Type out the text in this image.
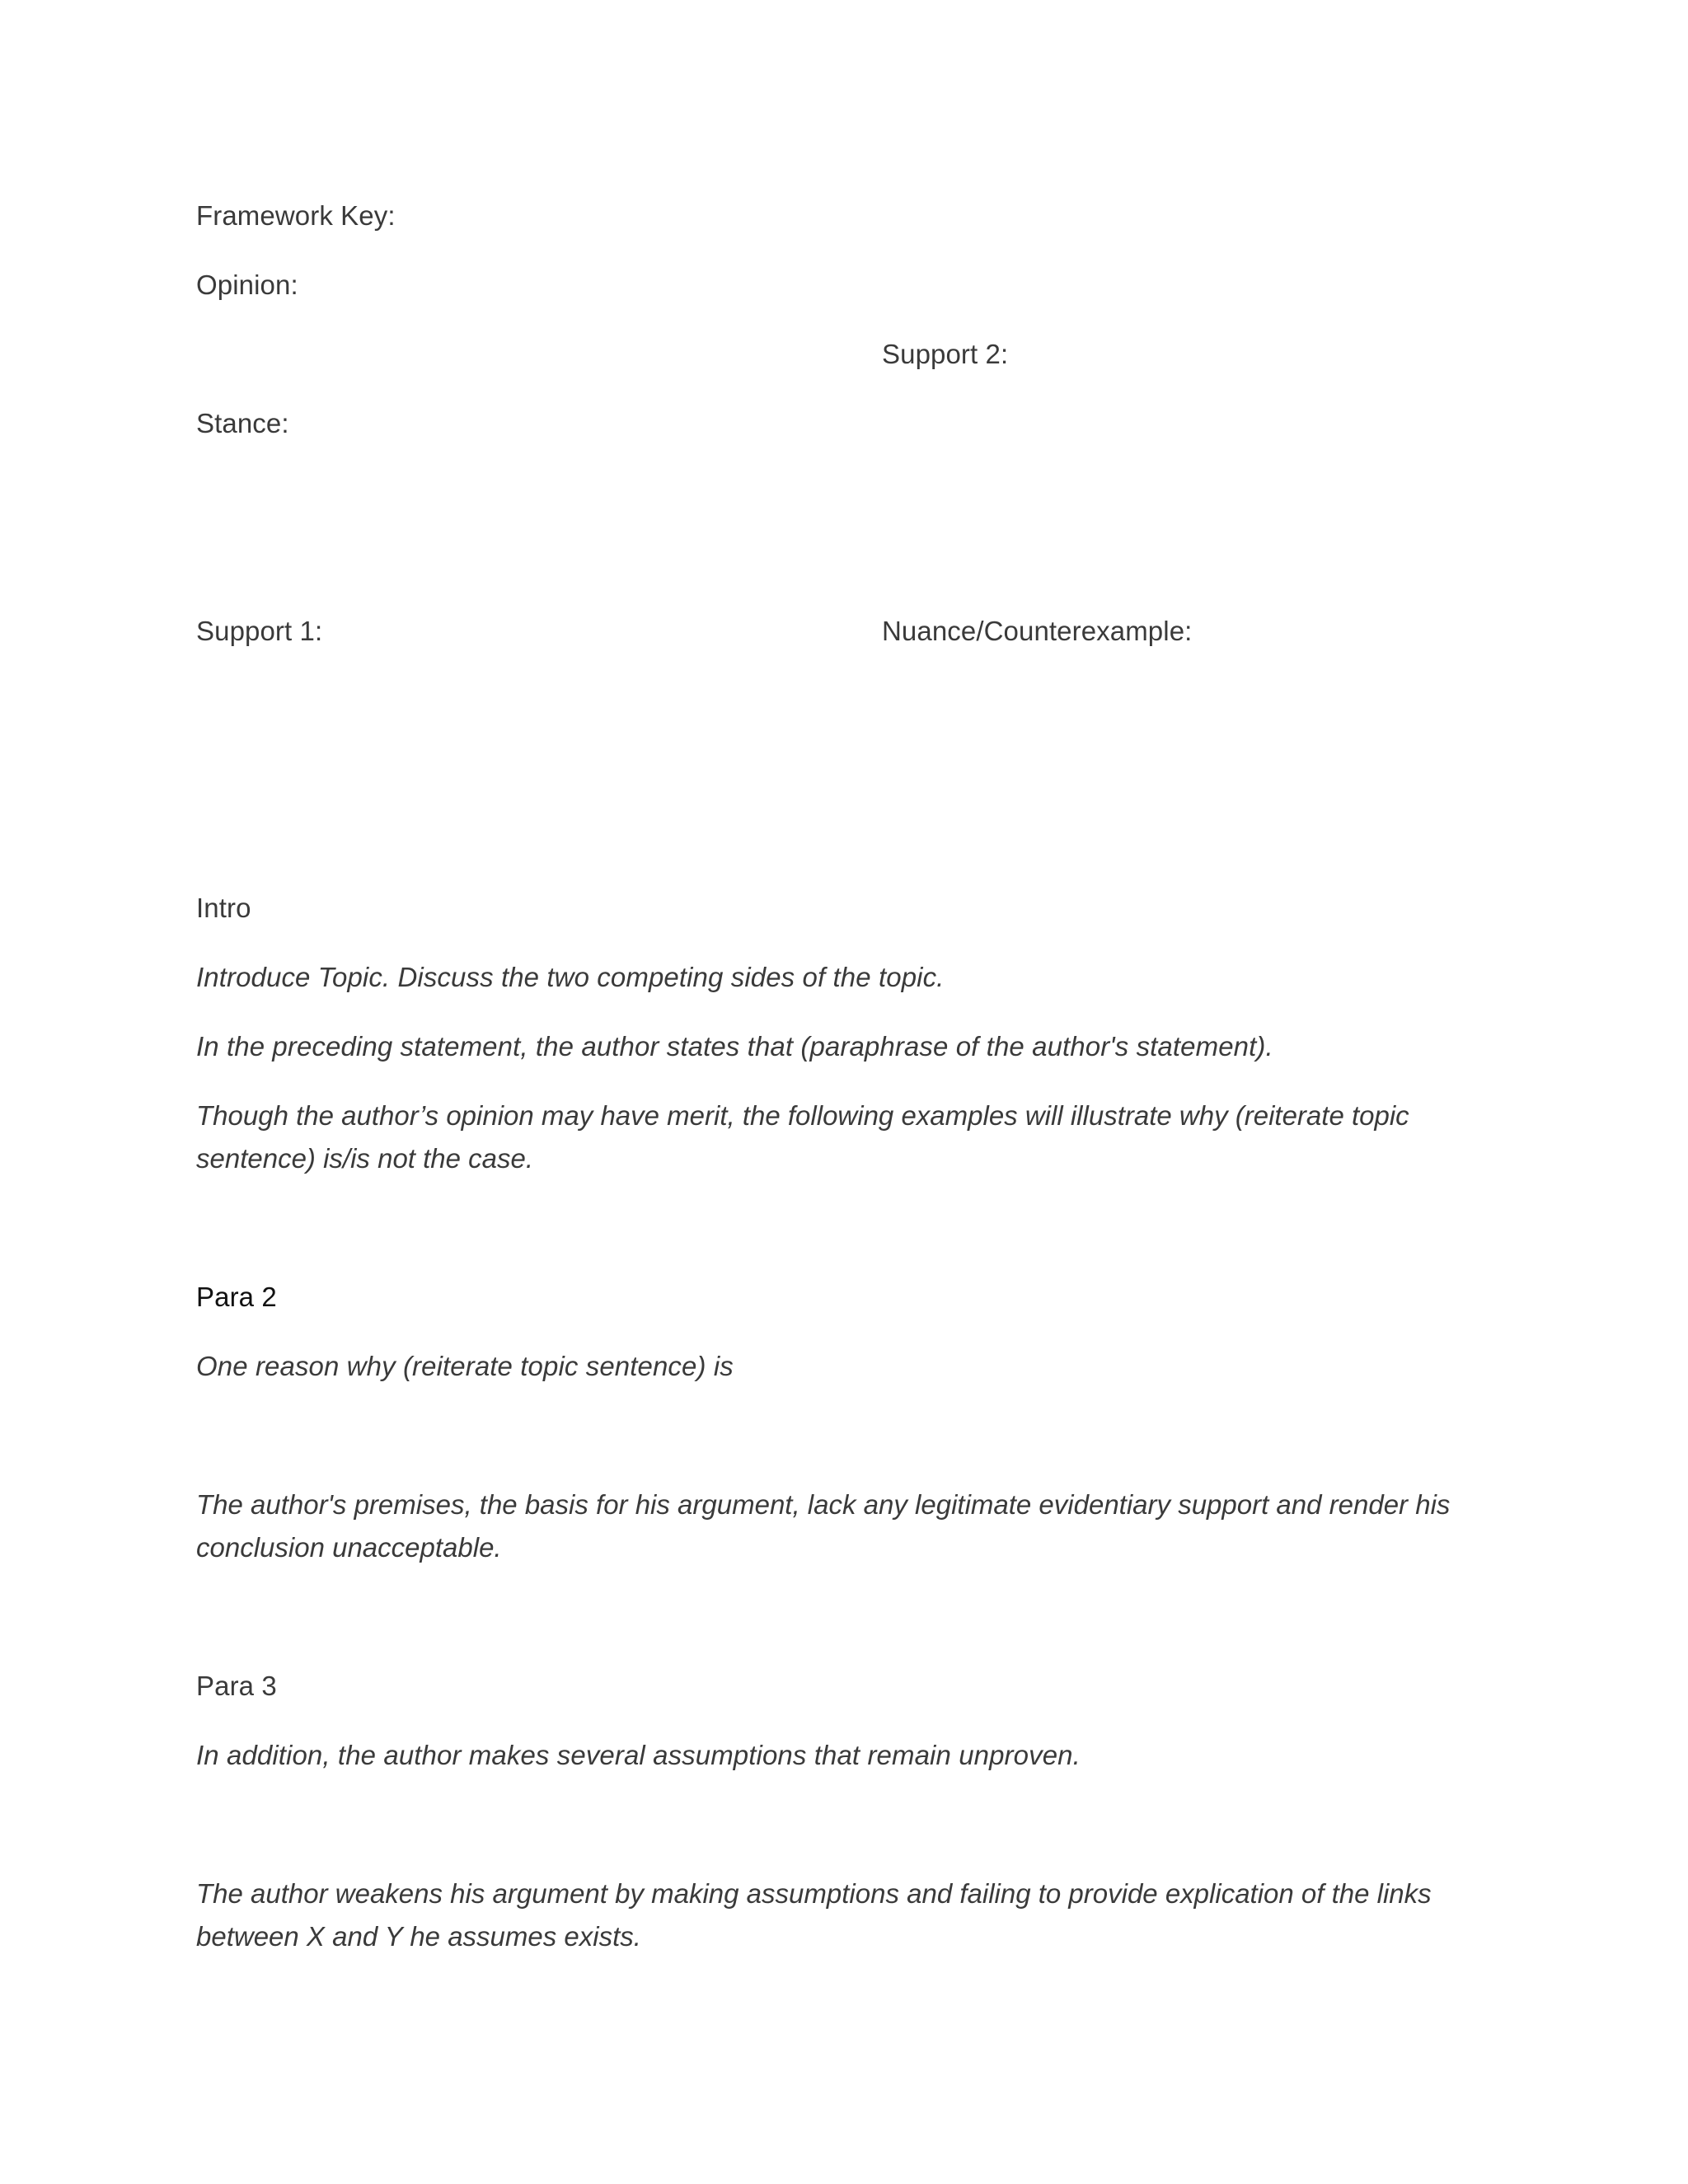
Framework Key:
Opinion:
Support 2:
Stance:
Support 1:	Nuance/Counterexample:
Intro
Introduce Topic. Discuss the two competing sides of the topic.
In the preceding statement, the author states that (paraphrase of the author's statement).
Though the author’s opinion may have merit, the following examples will illustrate why (reiterate topic sentence) is/is not the case.
Para 2
One reason why (reiterate topic sentence) is
The author's premises, the basis for his argument, lack any legitimate evidentiary support and render his conclusion unacceptable.
Para 3
In addition, the author makes several assumptions that remain unproven.
The author weakens his argument by making assumptions and failing to provide explication of the links between X and Y he assumes exists.
